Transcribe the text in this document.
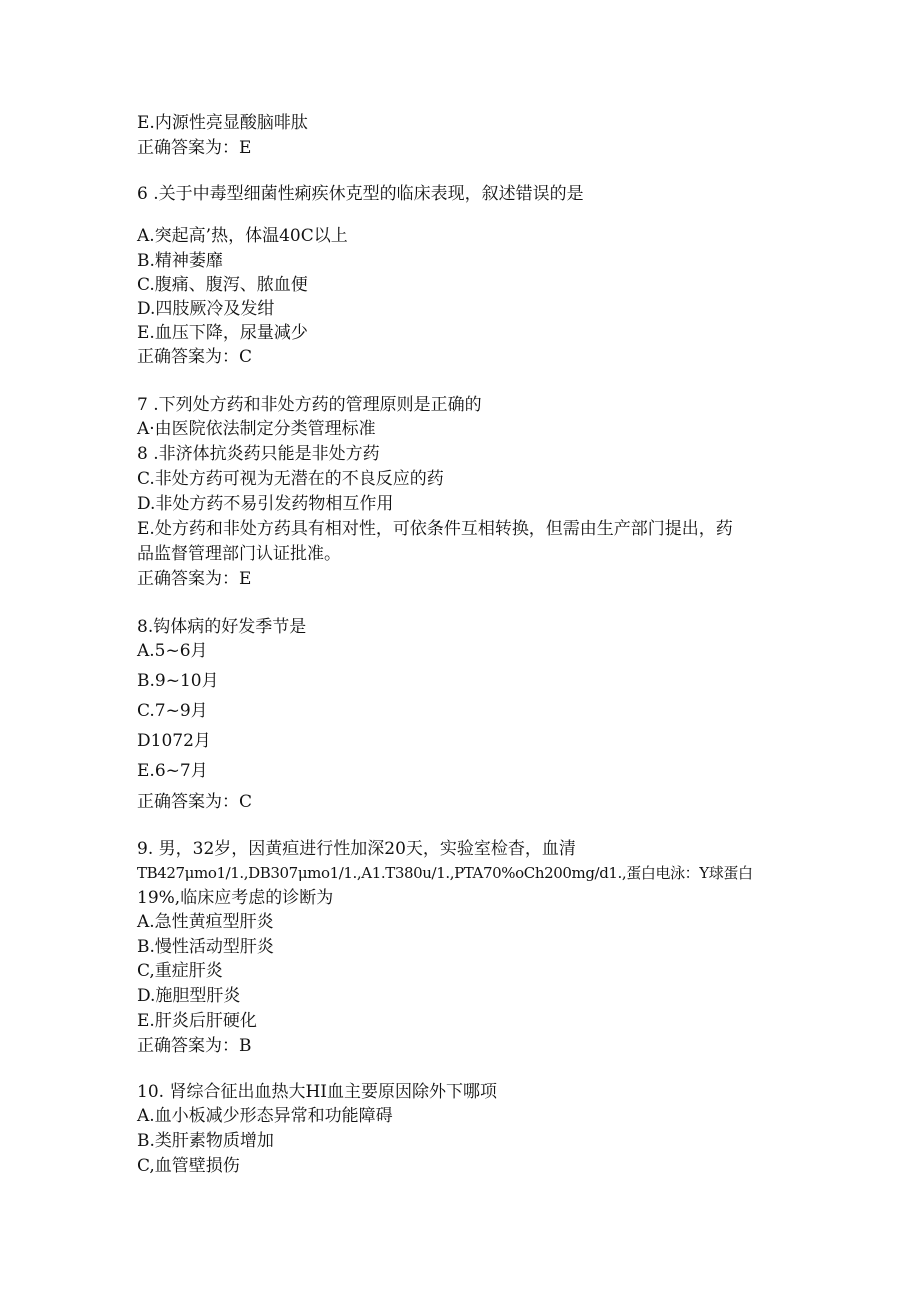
E.内源性亮显酸脑啡肽
正确答案为：E
6 .关于中毒型细菌性痢疾休克型的临床表现，叙述错误的是
A.突起高’热，体温40C以上
B.精神萎靡
C.腹痛、腹泻、脓血便
D.四肢厥冷及发绀
E.血压下降，尿量减少
正确答案为：C
7 .下列处方药和非处方药的管理原则是正确的
A·由医院依法制定分类管理标准
8 .非济体抗炎药只能是非处方药
C.非处方药可视为无潜在的不良反应的药
D.非处方药不易引发药物相互作用
E.处方药和非处方药具有相对性，可依条件互相转换，但需由生产部门提出，药
品监督管理部门认证批准。
正确答案为：E
8.钩体病的好发季节是
A.5~6月
B.9~10月
C.7~9月
D1072月
E.6~7月
正确答案为：C
9. 男，32岁，因黄疸进行性加深20天，实验室检杳，血清
TB427μmo1∕1.,DB307μmo1∕1.,A1.T380u∕1.,PTA70%oCh200mg∕d1.,蛋白电泳：Y球蛋白
19%,临床应考虑的诊断为
A.急性黄疸型肝炎
B.慢性活动型肝炎
C,重症肝炎
D.施胆型肝炎
E.肝炎后肝硬化
正确答案为：B
10. 肾综合征出血热大HI血主要原因除外下哪项
A.血小板减少形态异常和功能障碍
B.类肝素物质增加
C,血管壁损伤
